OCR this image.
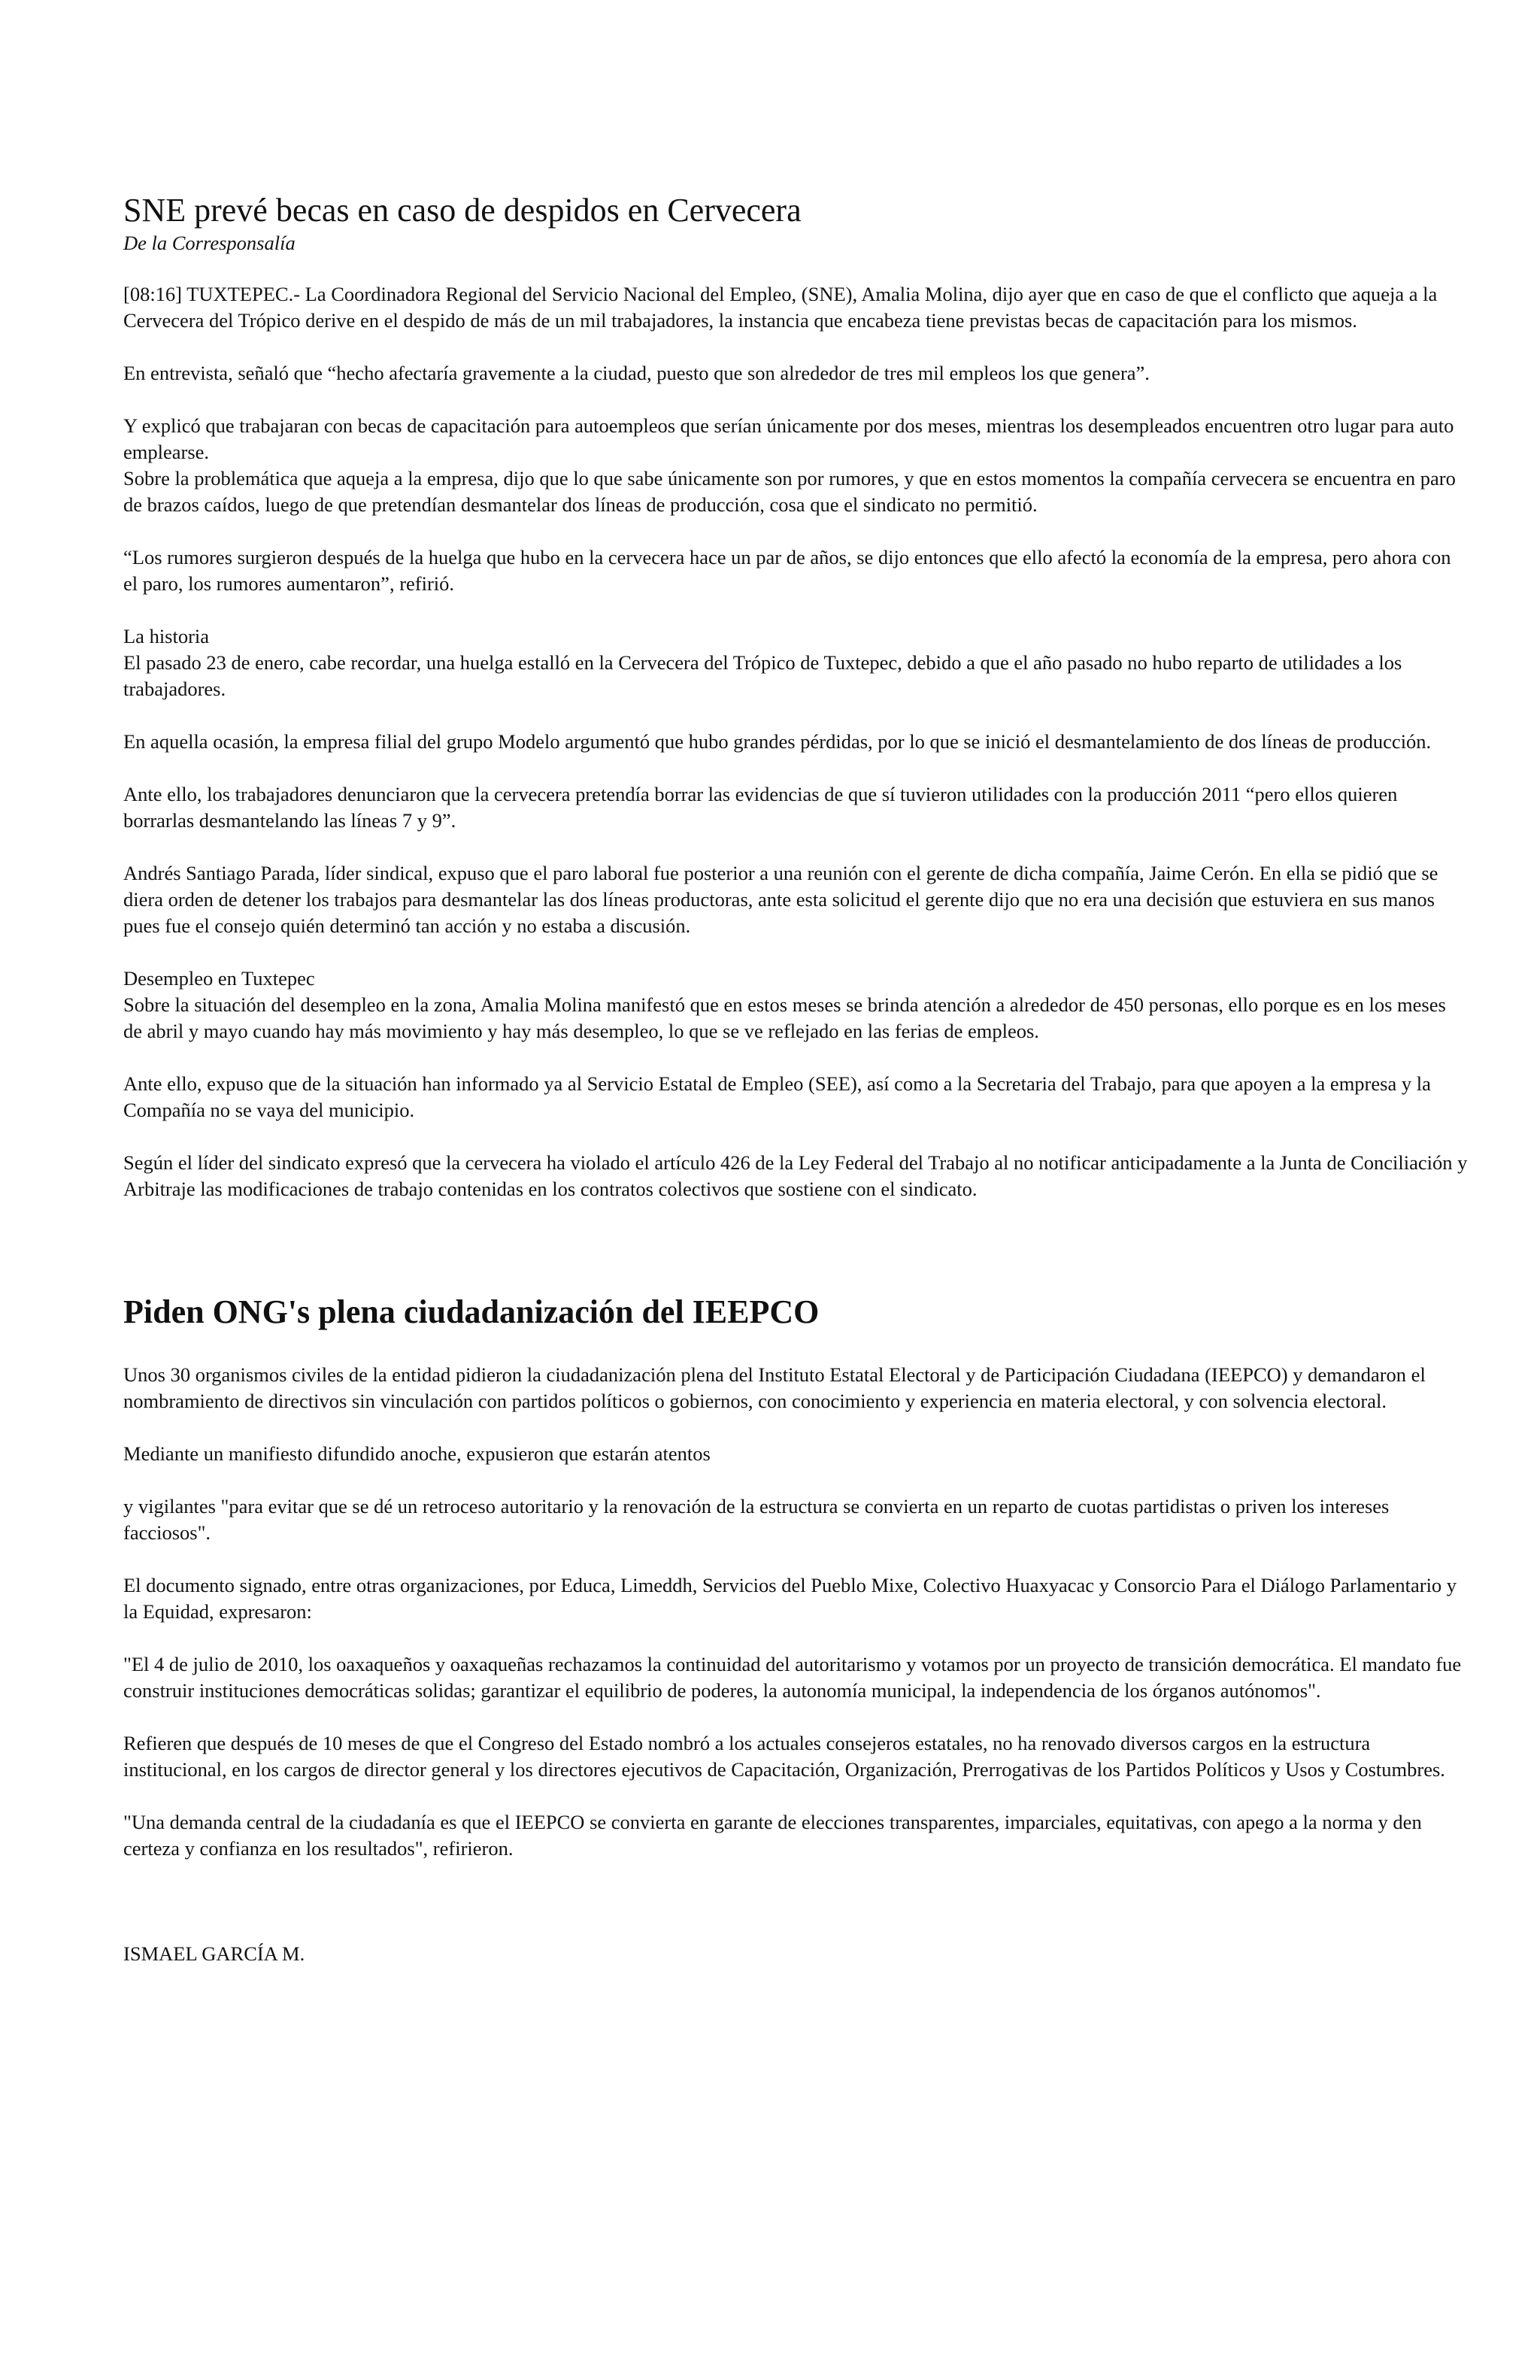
SNE prevé becas en caso de despidos en Cervecera
De la Corresponsalía

[08:16] TUXTEPEC.- La Coordinadora Regional del Servicio Nacional del Empleo, (SNE), Amalia Molina, dijo ayer que en caso de que el conflicto que aqueja a la Cervecera del Trópico derive en el despido de más de un mil trabajadores, la instancia que encabeza tiene previstas becas de capacitación para los mismos.

En entrevista, señaló que “hecho afectaría gravemente a la ciudad, puesto que son alrededor de tres mil empleos los que genera”.

Y explicó que trabajaran con becas de capacitación para autoempleos que serían únicamente por dos meses, mientras los desempleados encuentren otro lugar para auto emplearse.

Sobre la problemática que aqueja a la empresa, dijo que lo que sabe únicamente son por rumores, y que en estos momentos la compañía cervecera se encuentra en paro de brazos caídos, luego de que pretendían desmantelar dos líneas de producción, cosa que el sindicato no permitió.

“Los rumores surgieron después de la huelga que hubo en la cervecera hace un par de años, se dijo entonces que ello afectó la economía de la empresa, pero ahora con el paro, los rumores aumentaron”, refirió.

La historia

El pasado 23 de enero, cabe recordar, una huelga estalló en la Cervecera del Trópico de Tuxtepec, debido a que el año pasado no hubo reparto de utilidades a los trabajadores.

En aquella ocasión, la empresa filial del grupo Modelo argumentó que hubo grandes pérdidas, por lo que se inició el desmantelamiento de dos líneas de producción.

Ante ello, los trabajadores denunciaron que la cervecera pretendía borrar las evidencias de que sí tuvieron utilidades con la producción 2011 “pero ellos quieren borrarlas desmantelando las líneas 7 y 9”.

Andrés Santiago Parada, líder sindical, expuso que el paro laboral fue posterior a una reunión con el gerente de dicha compañía, Jaime Cerón. En ella se pidió que se diera orden de detener los trabajos para desmantelar las dos líneas productoras, ante esta solicitud el gerente dijo que no era una decisión que estuviera en sus manos pues fue el consejo quién determinó tan acción y no estaba a discusión.

Desempleo en Tuxtepec

Sobre la situación del desempleo en la zona, Amalia Molina manifestó que en estos meses se brinda atención a alrededor de 450 personas, ello porque es en los meses de abril y mayo cuando hay más movimiento y hay más desempleo, lo que se ve reflejado en las ferias de empleos.

Ante ello, expuso que de la situación han informado ya al Servicio Estatal de Empleo (SEE), así como a la Secretaria del Trabajo, para que apoyen a la empresa y la Compañía no se vaya del municipio.

Según el líder del sindicato expresó que la cervecera ha violado el artículo 426 de la Ley Federal del Trabajo al no notificar anticipadamente a la Junta de Conciliación y Arbitraje las modificaciones de trabajo contenidas en los contratos colectivos que sostiene con el sindicato.

Piden ONG's plena ciudadanización del IEEPCO

Unos 30 organismos civiles de la entidad pidieron la ciudadanización plena del Instituto Estatal Electoral y de Participación Ciudadana (IEEPCO) y demandaron el nombramiento de directivos sin vinculación con partidos políticos o gobiernos, con conocimiento y experiencia en materia electoral, y con solvencia electoral.

Mediante un manifiesto difundido anoche, expusieron que estarán atentos

y vigilantes "para evitar que se dé un retroceso autoritario y la renovación de la estructura se convierta en un reparto de cuotas partidistas o priven los intereses facciosos".

El documento signado, entre otras organizaciones, por Educa, Limeddh, Servicios del Pueblo Mixe, Colectivo Huaxyacac y Consorcio Para el Diálogo Parlamentario y la Equidad, expresaron:

"El 4 de julio de 2010, los oaxaqueños y oaxaqueñas rechazamos la continuidad del autoritarismo y votamos por un proyecto de transición democrática. El mandato fue construir instituciones democráticas solidas; garantizar el equilibrio de poderes, la autonomía municipal, la independencia de los órganos autónomos".

Refieren que después de 10 meses de que el Congreso del Estado nombró a los actuales consejeros estatales, no ha renovado diversos cargos en la estructura institucional, en los cargos de director general y los directores ejecutivos de Capacitación, Organización, Prerrogativas de los Partidos Políticos y Usos y Costumbres.

"Una demanda central de la ciudadanía es que el IEEPCO se convierta en garante de elecciones transparentes, imparciales, equitativas, con apego a la norma y den certeza y confianza en los resultados", refirieron.

ISMAEL GARCÍA M.
